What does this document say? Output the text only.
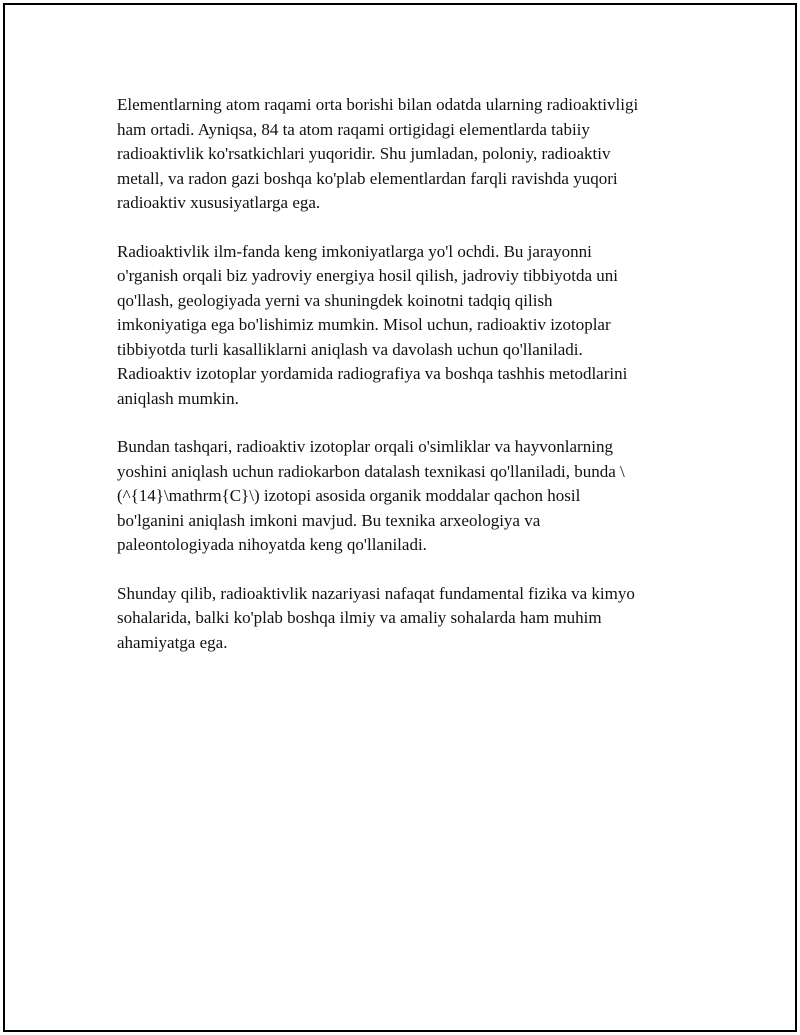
Elementlarning atom raqami orta borishi bilan odatda ularning radioaktivligi
ham ortadi. Ayniqsa, 84 ta atom raqami ortigidagi elementlarda tabiiy
radioaktivlik ko'rsatkichlari yuqoridir. Shu jumladan, poloniy, radioaktiv
metall, va radon gazi boshqa ko'plab elementlardan farqli ravishda yuqori
radioaktiv xususiyatlarga ega.

Radioaktivlik ilm-fanda keng imkoniyatlarga yo'l ochdi. Bu jarayonni
o'rganish orqali biz yadroviy energiya hosil qilish, jadroviy tibbiyotda uni
qo'llash, geologiyada yerni va shuningdek koinotni tadqiq qilish
imkoniyatiga ega bo'lishimiz mumkin. Misol uchun, radioaktiv izotoplar
tibbiyotda turli kasalliklarni aniqlash va davolash uchun qo'llaniladi.
Radioaktiv izotoplar yordamida radiografiya va boshqa tashhis metodlarini
aniqlash mumkin.

Bundan tashqari, radioaktiv izotoplar orqali o'simliklar va hayvonlarning
yoshini aniqlash uchun radiokarbon datalash texnikasi qo'llaniladi, bunda \
(^{14}\mathrm{C}\) izotopi asosida organik moddalar qachon hosil
bo'lganini aniqlash imkoni mavjud. Bu texnika arxeologiya va
paleontologiyada nihoyatda keng qo'llaniladi.

Shunday qilib, radioaktivlik nazariyasi nafaqat fundamental fizika va kimyo
sohalarida, balki ko'plab boshqa ilmiy va amaliy sohalarda ham muhim
ahamiyatga ega.
